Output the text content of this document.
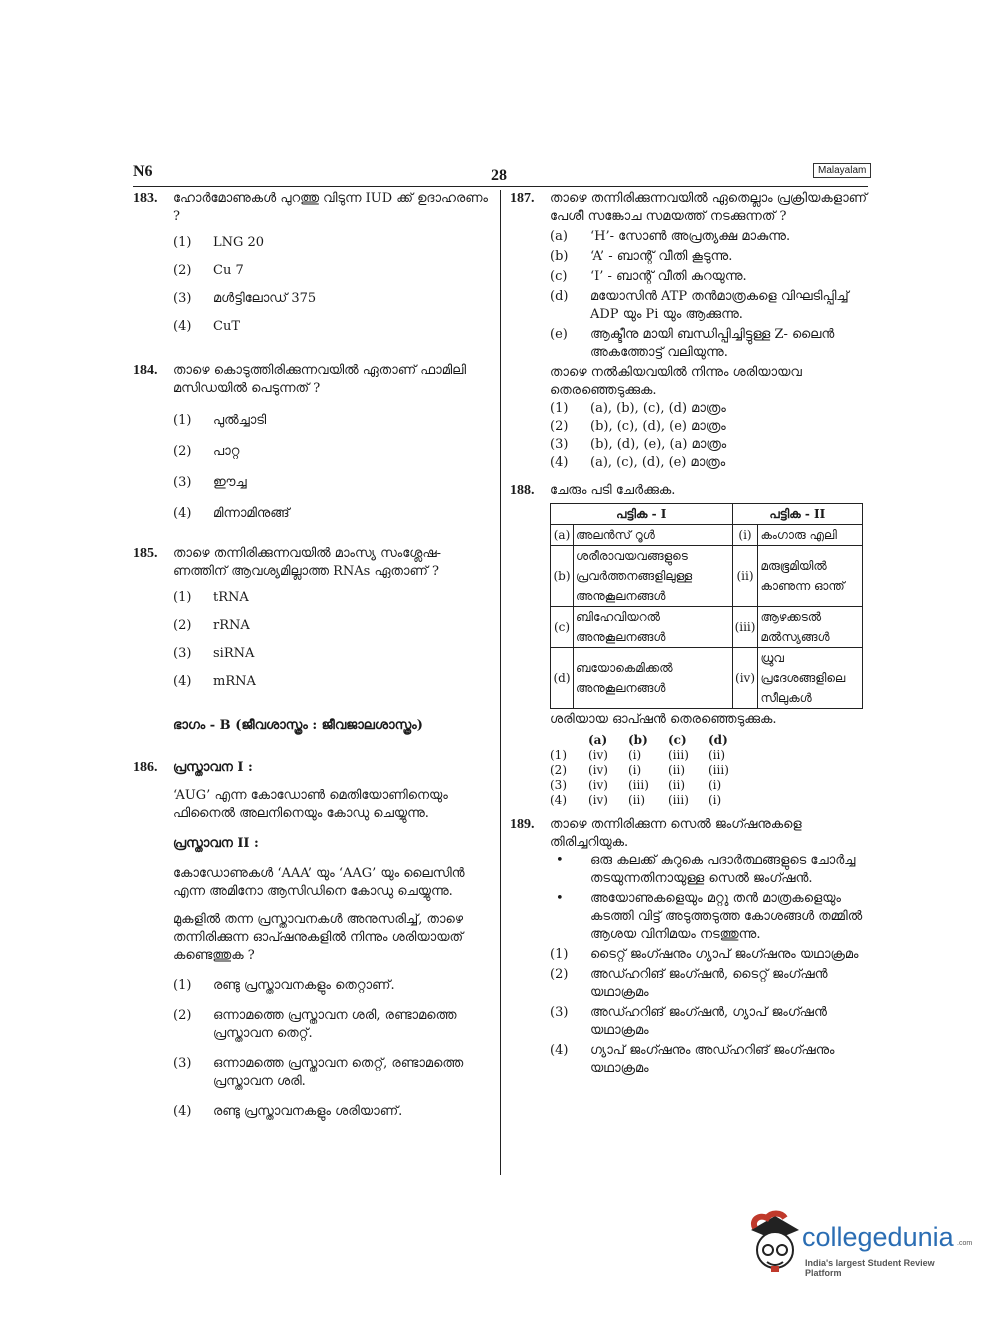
N6	28	Malayalam
183.	ഹോർമോണുകൾ പുറത്തു വിടുന്ന IUD ക്ക് ഉദാഹരണം ?
(1)	LNG 20
(2)	Cu 7
(3)	മൾട്ടിലോഡ് 375
(4)	CuT
184.	താഴെ കൊടുത്തിരിക്കുന്നവയിൽ ഏതാണ് ഫാമിലി മസിഡയിൽ പെടുന്നത് ?
(1)	പുൽച്ചാടി
(2)	പാറ്റ
(3)	ഈച്ച
(4)	മിന്നാമിനുങ്ങ്
185.	താഴെ തന്നിരിക്കുന്നവയിൽ മാംസ്യ സംശ്ലേഷ-ണത്തിന് ആവശ്യമില്ലാത്ത RNAs ഏതാണ് ?
(1)	tRNA
(2)	rRNA
(3)	siRNA
(4)	mRNA
ഭാഗം - B (ജീവശാസ്ത്രം : ജീവജാലശാസ്ത്രം)
186.	പ്രസ്താവന I :
‘AUG’ എന്ന കോഡോൺ മെതിയോണിനെയും ഫിനൈൽ അലനിനെയും കോഡു ചെയ്യുന്നു.
പ്രസ്താവന II :
കോഡോണുകൾ ‘AAA’ യും ‘AAG’ യും ലൈസിൻ എന്ന അമിനോ ആസിഡിനെ കോഡു ചെയ്യുന്നു.
മുകളിൽ തന്ന പ്രസ്താവനകൾ അനുസരിച്ച്, താഴെ തന്നിരിക്കുന്ന ഓപ്ഷനുകളിൽ നിന്നും ശരിയായത് കണ്ടെത്തുക ?
(1)	രണ്ടു പ്രസ്താവനകളും തെറ്റാണ്.
(2)	ഒന്നാമത്തെ പ്രസ്താവന ശരി, രണ്ടാമത്തെ പ്രസ്താവന തെറ്റ്.
(3)	ഒന്നാമത്തെ പ്രസ്താവന തെറ്റ്, രണ്ടാമത്തെ പ്രസ്താവന ശരി.
(4)	രണ്ടു പ്രസ്താവനകളും ശരിയാണ്.
187.	താഴെ തന്നിരിക്കുന്നവയിൽ ഏതെല്ലാം പ്രക്രിയകളാണ് പേശീ സങ്കോച സമയത്ത് നടക്കുന്നത് ?
(a)	‘H’- സോൺ അപ്രത്യക്ഷ മാകുന്നു.
(b)	‘A’ - ബാന്റ് വീതി കൂടുന്നു.
(c)	‘I’ - ബാന്റ് വീതി കുറയുന്നു.
(d)	മയോസിൻ ATP തൻമാത്രകളെ വിഘടിപ്പിച്ച് ADP യും Pi യും ആക്കുന്നു.
(e)	ആക്ടീനു മായി ബന്ധിപ്പിച്ചിട്ടുള്ള Z- ലൈൻ അകത്തോട്ട് വലിയുന്നു.
താഴെ നൽകിയവയിൽ നിന്നും ശരിയായവ തെരഞ്ഞെടുക്കുക.
(1)	(a), (b), (c), (d) മാത്രം
(2)	(b), (c), (d), (e) മാത്രം
(3)	(b), (d), (e), (a) മാത്രം
(4)	(a), (c), (d), (e) മാത്രം
188.	ചേരും പടി ചേർക്കുക.
പട്ടിക - I		പട്ടിക - II	
(a)	അലൻസ് റൂൾ	(i)	കംഗാരു എലി
(b)	ശരീരാവയവങ്ങളുടെ പ്രവർത്തനങ്ങളിലുള്ള അനുകൂലനങ്ങൾ	(ii)	മരുഭൂമിയിൽ കാണുന്ന ഓന്ത്
(c)	ബിഹേവിയറൽ അനുകൂലനങ്ങൾ	(iii)	ആഴക്കടൽ മൽസ്യങ്ങൾ
(d)	ബയോകെമിക്കൽ അനുകൂലനങ്ങൾ	(iv)	ധ്രുവ പ്രദേശങ്ങളിലെ സീലുകൾ
ശരിയായ ഓപ്ഷൻ തെരഞ്ഞെടുക്കുക.
	(a)	(b)	(c)	(d)
(1)	(iv)	(i)	(iii)	(ii)
(2)	(iv)	(i)	(ii)	(iii)
(3)	(iv)	(iii)	(ii)	(i)
(4)	(iv)	(ii)	(iii)	(i)
189.	താഴെ തന്നിരിക്കുന്ന സെൽ ജംഗ്ഷനുകളെ തിരിച്ചറിയുക.
•	ഒരു കലക്ക് കുറുകെ പദാർത്ഥങ്ങളുടെ ചോർച്ച തടയുന്നതിനായുള്ള സെൽ ജംഗ്ഷൻ.
•	അയോണുകളെയും മറ്റു തൻ മാത്രകളെയും കടത്തി വിട്ട് അടുത്തടുത്ത കോശങ്ങൾ തമ്മിൽ ആശയ വിനിമയം നടത്തുന്നു.
(1)	ടൈറ്റ് ജംഗ്ഷനും ഗ്യാപ് ജംഗ്ഷനും യഥാക്രമം
(2)	അഡ്ഹറിങ് ജംഗ്ഷൻ, ടൈറ്റ് ജംഗ്ഷൻ യഥാക്രമം
(3)	അഡ്ഹറിങ് ജംഗ്ഷൻ, ഗ്യാപ് ജംഗ്ഷൻ യഥാക്രമം
(4)	ഗ്യാപ് ജംഗ്ഷനും അഡ്ഹറിങ് ജംഗ്ഷനും യഥാക്രമം
collegedunia .com
India's largest Student Review Platform
